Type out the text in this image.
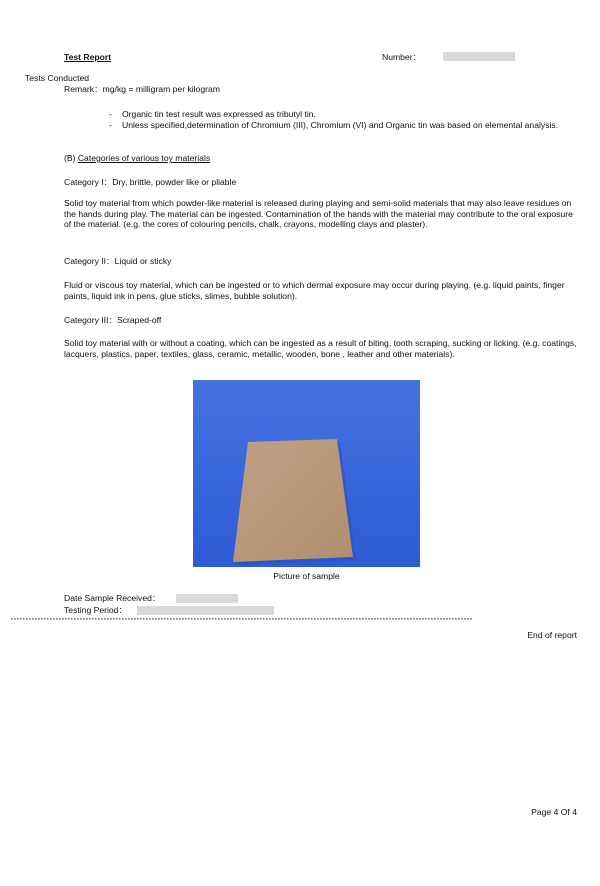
Test Report	Number：
Tests Conducted
Remark：mg/kg = milligram per kilogram
- Organic tin test result was expressed as tributyl tin.
- Unless specified,determination of Chromium (III), Chromium (VI) and Organic tin was based on elemental analysis.
(B) Categories of various toy materials
Category I：Dry, brittle, powder like or pliable
Solid toy material from which powder-like material is released during playing and semi-solid materials that may also leave residues on the hands during play. The material can be ingested. Contamination of the hands with the material may contribute to the oral exposure of the material. (e.g. the cores of colouring pencils, chalk, crayons, modelling clays and plaster).
Category II：Liquid or sticky
Fluid or viscous toy material, which can be ingested or to which dermal exposure may occur during playing. (e.g. liquid paints, finger paints, liquid ink in pens, glue sticks, slimes, bubble solution).
Category III：Scraped-off
Solid toy material with or without a coating, which can be ingested as a result of biting, tooth scraping, sucking or licking. (e.g. coatings, lacquers, plastics, paper, textiles, glass, ceramic, metallic, wooden, bone , leather and other materials).
Picture of sample
Date Sample Received：
Testing Period：
**********************************************************************************************************************************************************
End of report
Page 4 Of 4
